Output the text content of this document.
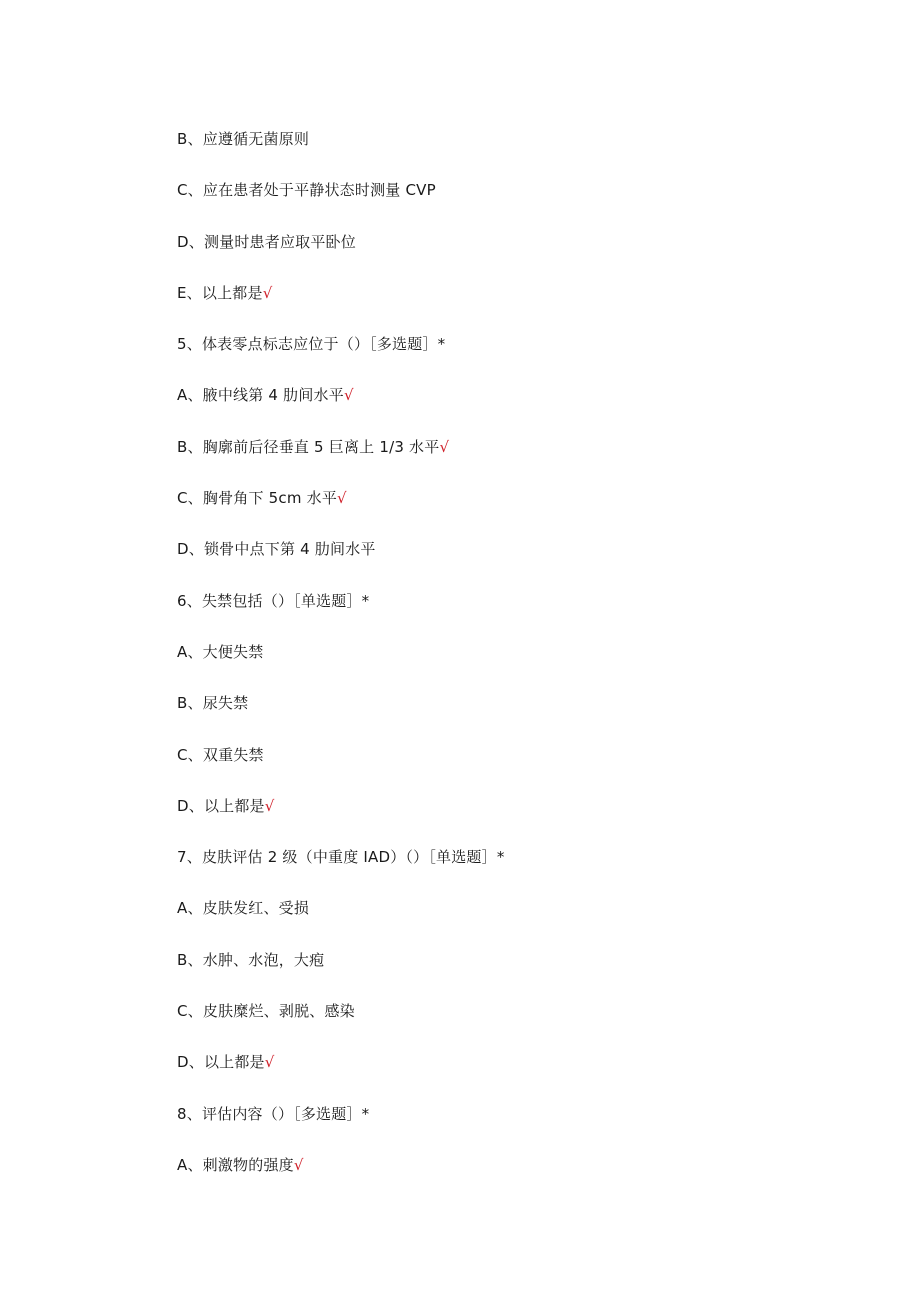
B、应遵循无菌原则
C、应在患者处于平静状态时测量 CVP
D、测量时患者应取平卧位
E、以上都是√
5、体表零点标志应位于（）［多选题］*
A、腋中线第 4 肋间水平√
B、胸廓前后径垂直 5 巨离上 1/3 水平√
C、胸骨角下 5cm 水平√
D、锁骨中点下第 4 肋间水平
6、失禁包括（）［单选题］*
A、大便失禁
B、尿失禁
C、双重失禁
D、以上都是√
7、皮肤评估 2 级（中重度 IAD）（）［单选题］*
A、皮肤发红、受损
B、水肿、水泡，大疱
C、皮肤糜烂、剥脱、感染
D、以上都是√
8、评估内容（）［多选题］*
A、刺激物的强度√
